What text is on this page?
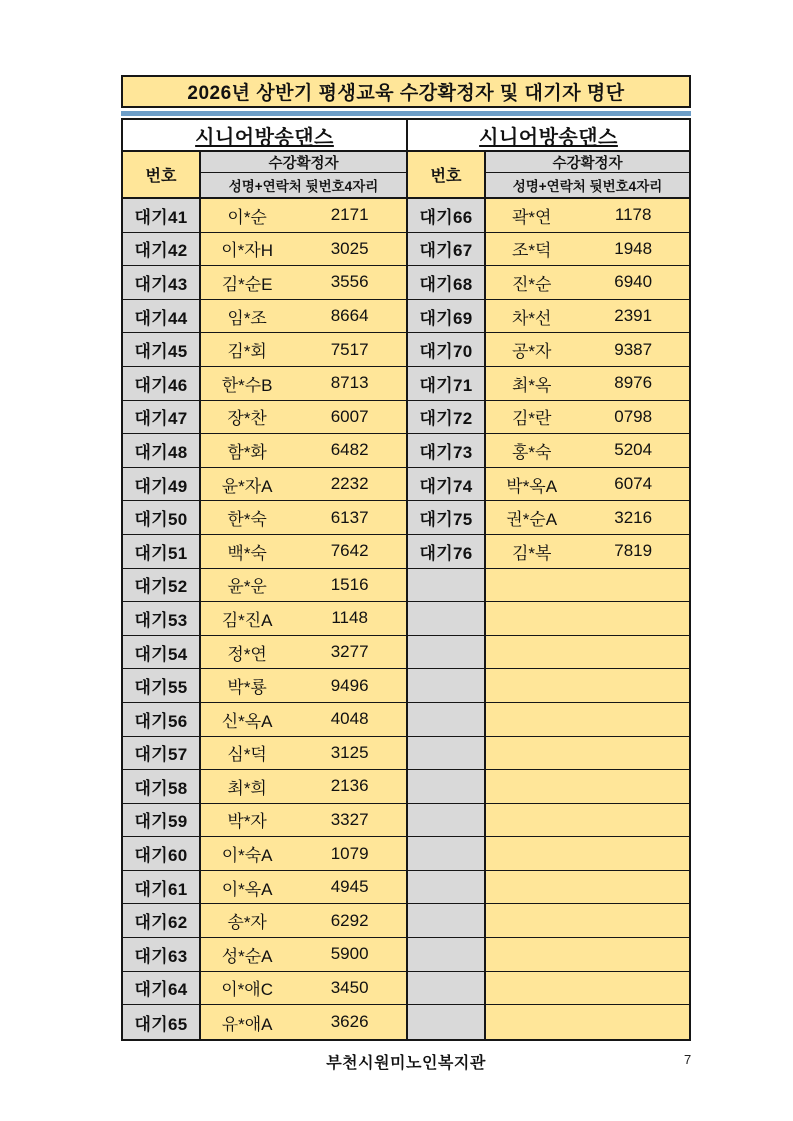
2026년 상반기 평생교육 수강확정자 및 대기자 명단
시니어방송댄스
번호
수강확정자
성명+연락처 뒷번호4자리
대기41	이*순	2171
대기42	이*자H	3025
대기43	김*순E	3556
대기44	임*조	8664
대기45	김*회	7517
대기46	한*수B	8713
대기47	장*찬	6007
대기48	함*화	6482
대기49	윤*자A	2232
대기50	한*숙	6137
대기51	백*숙	7642
대기52	윤*운	1516
대기53	김*진A	1148
대기54	정*연	3277
대기55	박*룡	9496
대기56	신*옥A	4048
대기57	심*덕	3125
대기58	최*희	2136
대기59	박*자	3327
대기60	이*숙A	1079
대기61	이*옥A	4945
대기62	송*자	6292
대기63	성*순A	5900
대기64	이*애C	3450
대기65	유*애A	3626
시니어방송댄스
번호
수강확정자
성명+연락처 뒷번호4자리
대기66	곽*연	1178
대기67	조*덕	1948
대기68	진*순	6940
대기69	차*선	2391
대기70	공*자	9387
대기71	최*옥	8976
대기72	김*란	0798
대기73	홍*숙	5204
대기74	박*옥A	6074
대기75	권*순A	3216
대기76	김*복	7819
부천시원미노인복지관	7
